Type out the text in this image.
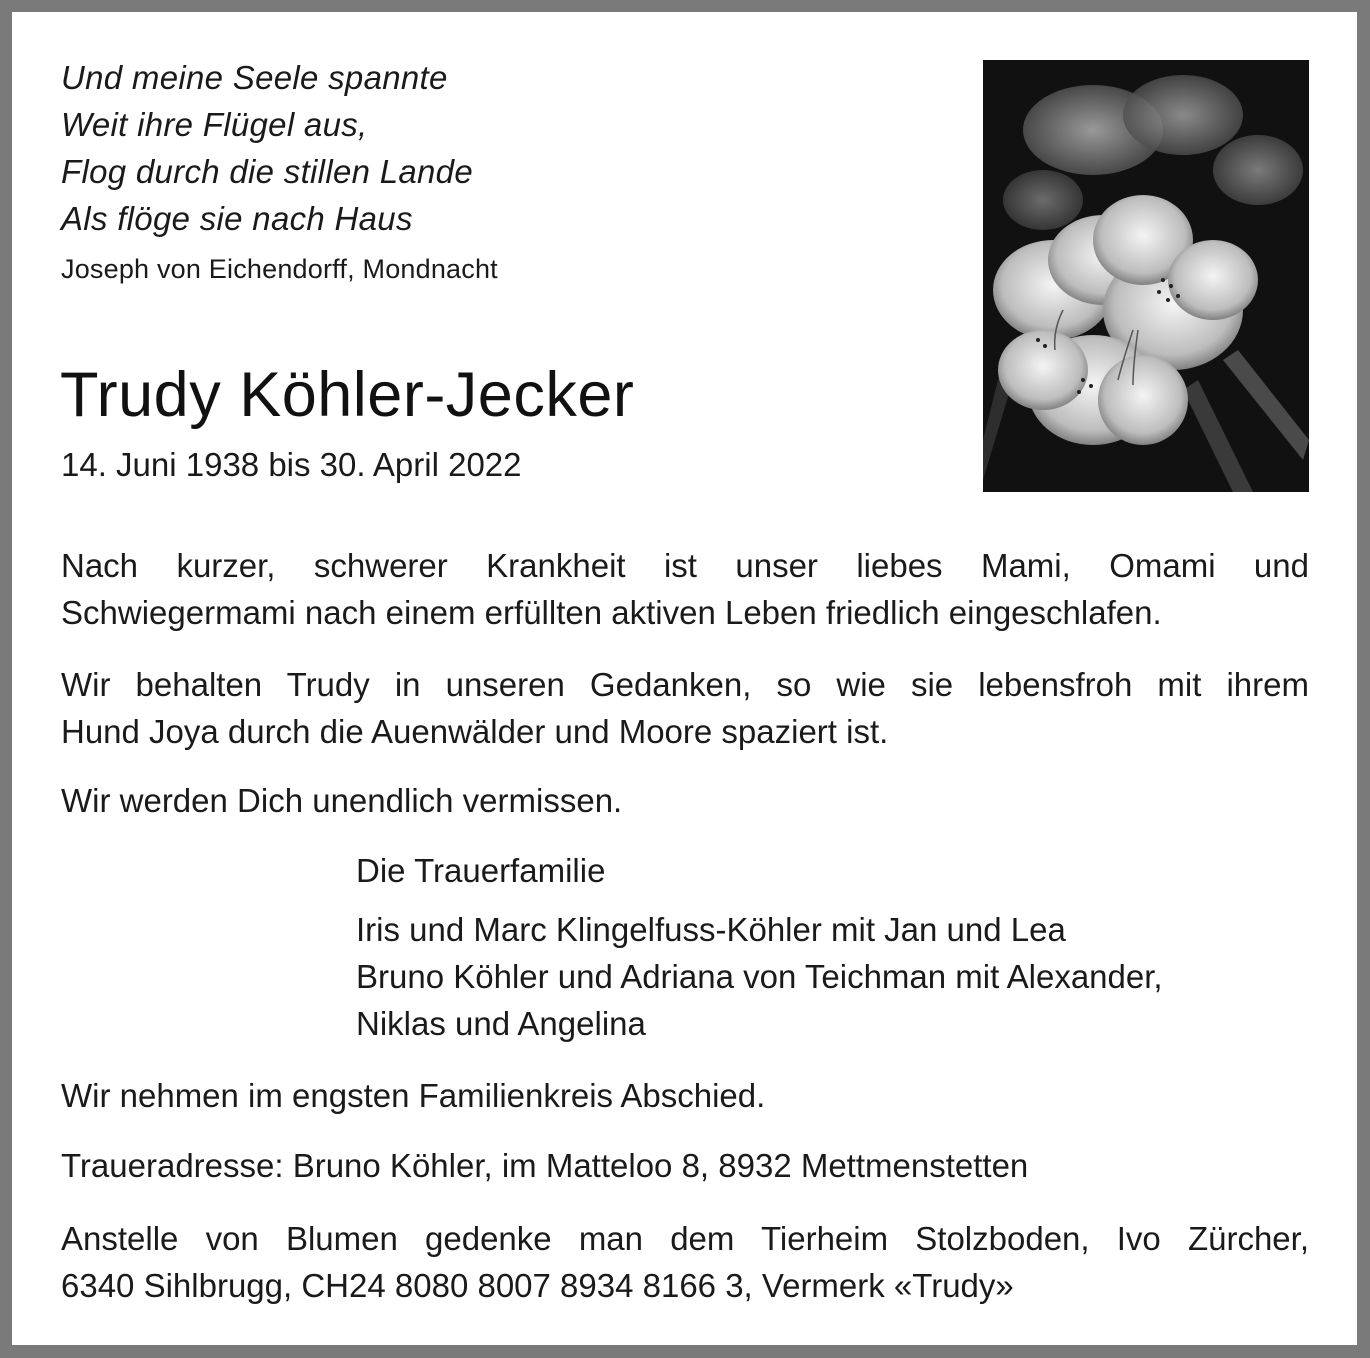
Und meine Seele spannte
Weit ihre Flügel aus,
Flog durch die stillen Lande
Als flöge sie nach Haus
Joseph von Eichendorff, Mondnacht
Trudy Köhler-Jecker
14. Juni 1938 bis 30. April 2022
Nach kurzer, schwerer Krankheit ist unser liebes Mami, Omami und
Schwiegermami nach einem erfüllten aktiven Leben friedlich eingeschlafen.
Wir behalten Trudy in unseren Gedanken, so wie sie lebensfroh mit ihrem
Hund Joya durch die Auenwälder und Moore spaziert ist.
Wir werden Dich unendlich vermissen.
Die Trauerfamilie
Iris und Marc Klingelfuss-Köhler mit Jan und Lea
Bruno Köhler und Adriana von Teichman mit Alexander,
Niklas und Angelina
Wir nehmen im engsten Familienkreis Abschied.
Traueradresse: Bruno Köhler, im Matteloo 8, 8932 Mettmenstetten
Anstelle von Blumen gedenke man dem Tierheim Stolzboden, Ivo Zürcher,
6340 Sihlbrugg, CH24 8080 8007 8934 8166 3, Vermerk «Trudy»
